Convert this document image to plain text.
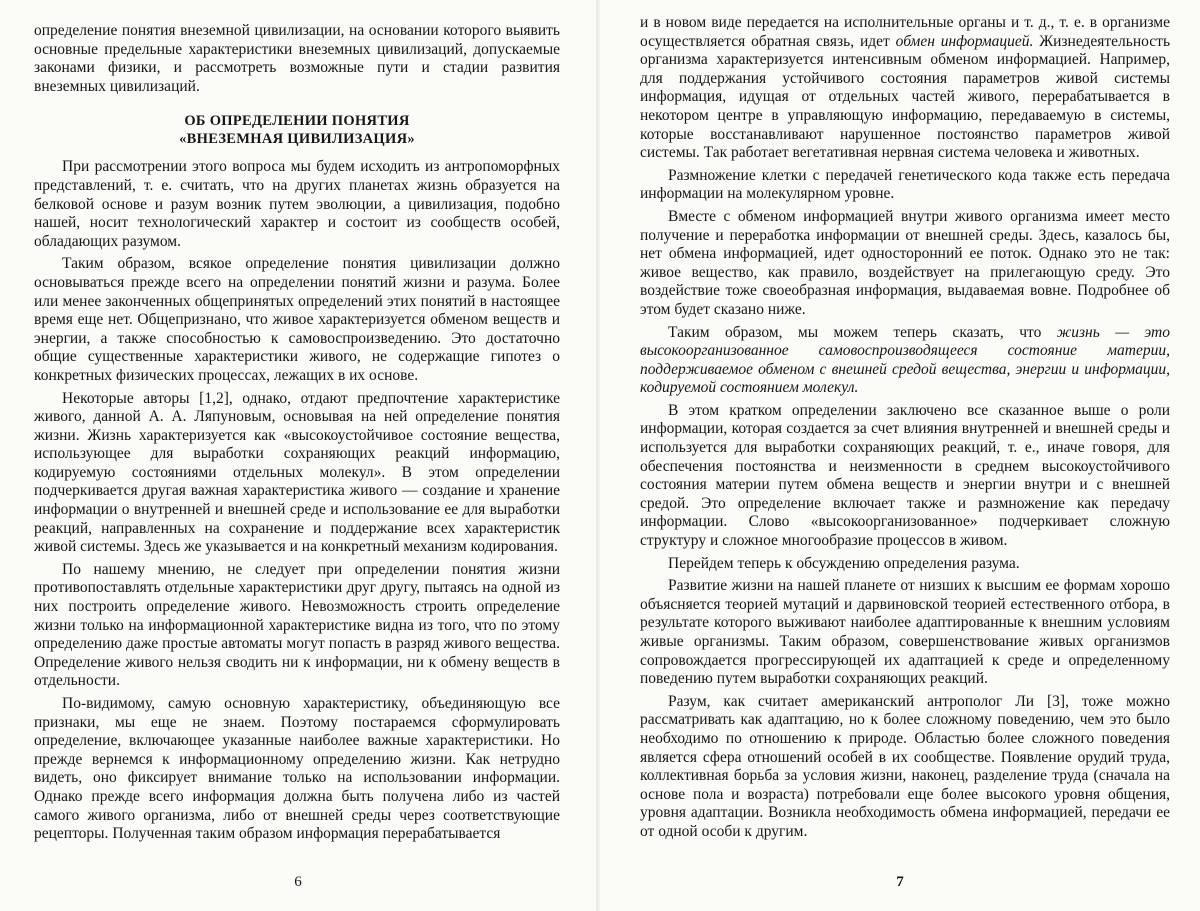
определение понятия внеземной цивилизации, на основании которого выявить основные предельные характеристики внеземных цивилизаций, допускаемые законами физики, и рассмотреть возможные пути и стадии развития внеземных цивилизаций.

ОБ ОПРЕДЕЛЕНИИ ПОНЯТИЯ
«ВНЕЗЕМНАЯ ЦИВИЛИЗАЦИЯ»

При рассмотрении этого вопроса мы будем исходить из антропоморфных представлений, т. е. считать, что на других планетах жизнь образуется на белковой основе и разум возник путем эволюции, а цивилизация, подобно нашей, носит технологический характер и состоит из сообществ особей, обладающих разумом.

Таким образом, всякое определение понятия цивилизации должно основываться прежде всего на определении понятий жизни и разума. Более или менее законченных общепринятых определений этих понятий в настоящее время еще нет. Общепризнано, что живое характеризуется обменом веществ и энергии, а также способностью к самовоспроизведению. Это достаточно общие существенные характеристики живого, не содержащие гипотез о конкретных физических процессах, лежащих в их основе.

Некоторые авторы [1,2], однако, отдают предпочтение характеристике живого, данной А. А. Ляпуновым, основывая на ней определение понятия жизни. Жизнь характеризуется как «высокоустойчивое состояние вещества, использующее для выработки сохраняющих реакций информацию, кодируемую состояниями отдельных молекул». В этом определении подчеркивается другая важная характеристика живого — создание и хранение информации о внутренней и внешней среде и использование ее для выработки реакций, направленных на сохранение и поддержание всех характеристик живой системы. Здесь же указывается и на конкретный механизм кодирования.

По нашему мнению, не следует при определении понятия жизни противопоставлять отдельные характеристики друг другу, пытаясь на одной из них построить определение живого. Невозможность строить определение жизни только на информационной характеристике видна из того, что по этому определению даже простые автоматы могут попасть в разряд живого вещества. Определение живого нельзя сводить ни к информации, ни к обмену веществ в отдельности.

По-видимому, самую основную характеристику, объединяющую все признаки, мы еще не знаем. Поэтому постараемся сформулировать определение, включающее указанные наиболее важные характеристики. Но прежде вернемся к информационному определению жизни. Как нетрудно видеть, оно фиксирует внимание только на использовании информации. Однако прежде всего информация должна быть получена либо из частей самого живого организма, либо от внешней среды через соответствующие рецепторы. Полученная таким образом информация перерабатывается

6

и в новом виде передается на исполнительные органы и т. д., т. е. в организме осуществляется обратная связь, идет обмен информацией. Жизнедеятельность организма характеризуется интенсивным обменом информацией. Например, для поддержания устойчивого состояния параметров живой системы информация, идущая от отдельных частей живого, перерабатывается в некотором центре в управляющую информацию, передаваемую в системы, которые восстанавливают нарушенное постоянство параметров живой системы. Так работает вегетативная нервная система человека и животных.

Размножение клетки с передачей генетического кода также есть передача информации на молекулярном уровне.

Вместе с обменом информацией внутри живого организма имеет место получение и переработка информации от внешней среды. Здесь, казалось бы, нет обмена информацией, идет односторонний ее поток. Однако это не так: живое вещество, как правило, воздействует на прилегающую среду. Это воздействие тоже своеобразная информация, выдаваемая вовне. Подробнее об этом будет сказано ниже.

Таким образом, мы можем теперь сказать, что жизнь — это высокоорганизованное самовоспроизводящееся состояние материи, поддерживаемое обменом с внешней средой вещества, энергии и информации, кодируемой состоянием молекул.

В этом кратком определении заключено все сказанное выше о роли информации, которая создается за счет влияния внутренней и внешней среды и используется для выработки сохраняющих реакций, т. е., иначе говоря, для обеспечения постоянства и неизменности в среднем высокоустойчивого состояния материи путем обмена веществ и энергии внутри и с внешней средой. Это определение включает также и размножение как передачу информации. Слово «высокоорганизованное» подчеркивает сложную структуру и сложное многообразие процессов в живом.

Перейдем теперь к обсуждению определения разума.

Развитие жизни на нашей планете от низших к высшим ее формам хорошо объясняется теорией мутаций и дарвиновской теорией естественного отбора, в результате которого выживают наиболее адаптированные к внешним условиям живые организмы. Таким образом, совершенствование живых организмов сопровождается прогрессирующей их адаптацией к среде и определенному поведению путем выработки сохраняющих реакций.

Разум, как считает американский антрополог Ли [3], тоже можно рассматривать как адаптацию, но к более сложному поведению, чем это было необходимо по отношению к природе. Областью более сложного поведения является сфера отношений особей в их сообществе. Появление орудий труда, коллективная борьба за условия жизни, наконец, разделение труда (сначала на основе пола и возраста) потребовали еще более высокого уровня общения, уровня адаптации. Возникла необходимость обмена информацией, передачи ее от одной особи к другим.

7
